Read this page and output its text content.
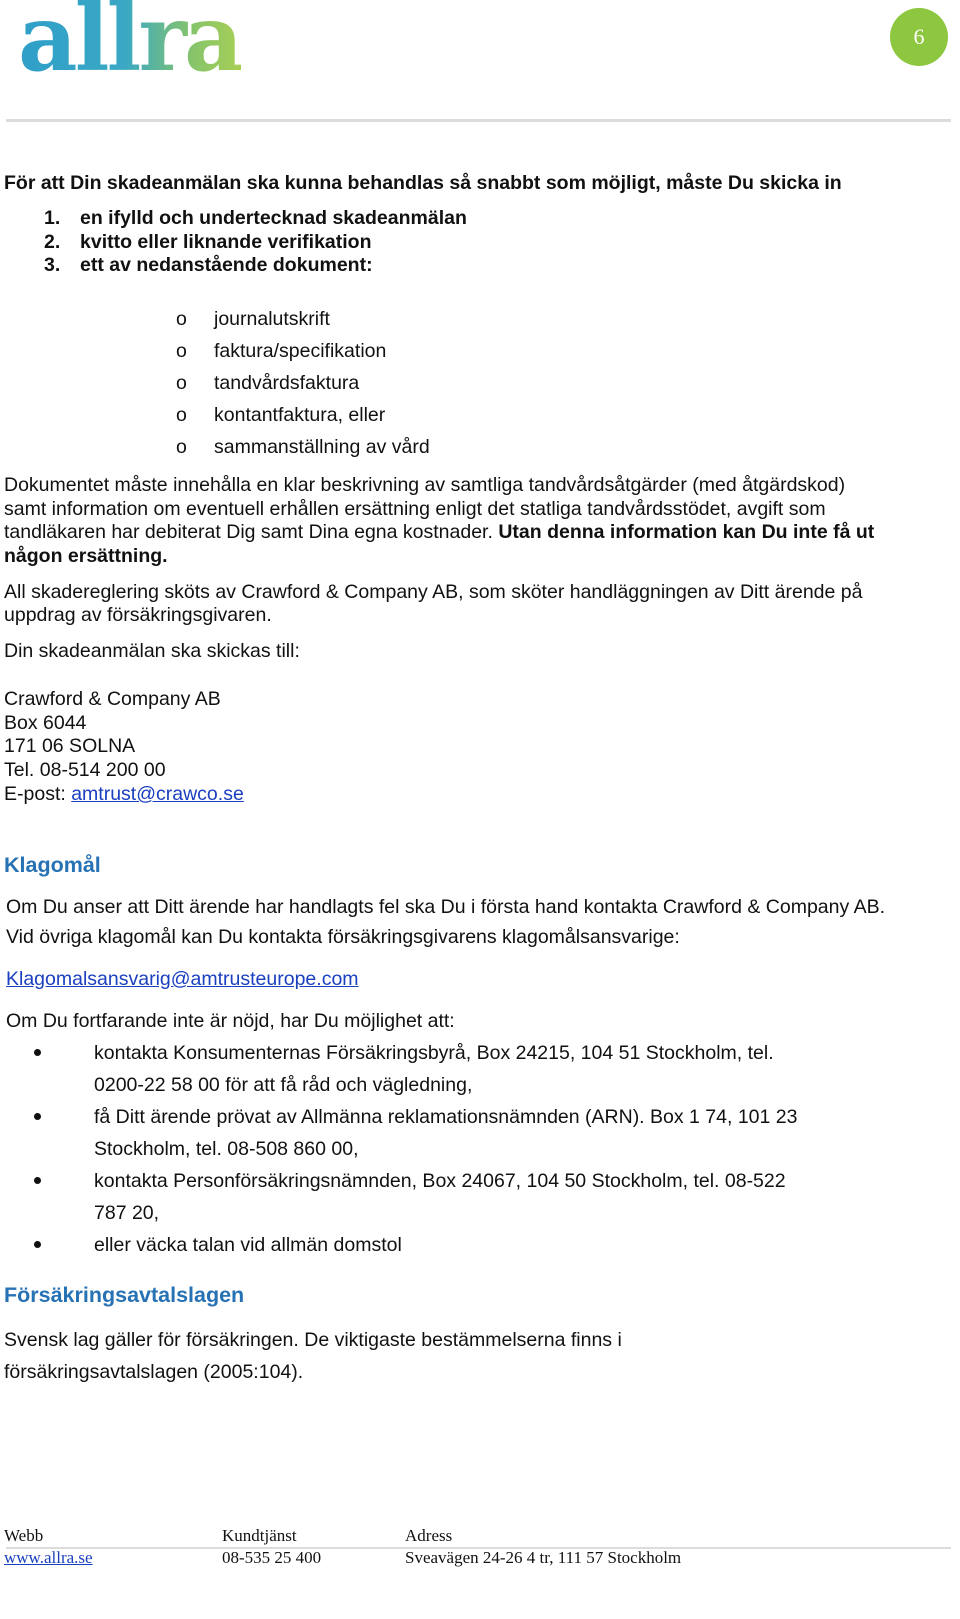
allra	6
För att Din skadeanmälan ska kunna behandlas så snabbt som möjligt, måste Du skicka in
1. en ifylld och undertecknad skadeanmälan
2. kvitto eller liknande verifikation
3. ett av nedanstående dokument:
o journalutskrift
o faktura/specifikation
o tandvårdsfaktura
o kontantfaktura, eller
o sammanställning av vård
Dokumentet måste innehålla en klar beskrivning av samtliga tandvårdsåtgärder (med åtgärdskod)
samt information om eventuell erhållen ersättning enligt det statliga tandvårdsstödet, avgift som
tandläkaren har debiterat Dig samt Dina egna kostnader. Utan denna information kan Du inte få ut
någon ersättning.
All skadereglering sköts av Crawford & Company AB, som sköter handläggningen av Ditt ärende på
uppdrag av försäkringsgivaren.
Din skadeanmälan ska skickas till:
Crawford & Company AB
Box 6044
171 06 SOLNA
Tel. 08-514 200 00
E-post: amtrust@crawco.se
Klagomål
Om Du anser att Ditt ärende har handlagts fel ska Du i första hand kontakta Crawford & Company AB.
Vid övriga klagomål kan Du kontakta försäkringsgivarens klagomålsansvarige:
Klagomalsansvarig@amtrusteurope.com
Om Du fortfarande inte är nöjd, har Du möjlighet att:
kontakta Konsumenternas Försäkringsbyrå, Box 24215, 104 51 Stockholm, tel.
0200-22 58 00 för att få råd och vägledning,
få Ditt ärende prövat av Allmänna reklamationsnämnden (ARN). Box 1 74, 101 23
Stockholm, tel. 08-508 860 00,
kontakta Personförsäkringsnämnden, Box 24067, 104 50 Stockholm, tel. 08-522
787 20,
eller väcka talan vid allmän domstol
Försäkringsavtalslagen
Svensk lag gäller för försäkringen. De viktigaste bestämmelserna finns i
försäkringsavtalslagen (2005:104).
Webb
www.allra.se
Kundtjänst
08-535 25 400
Adress
Sveavägen 24-26 4 tr, 111 57 Stockholm
